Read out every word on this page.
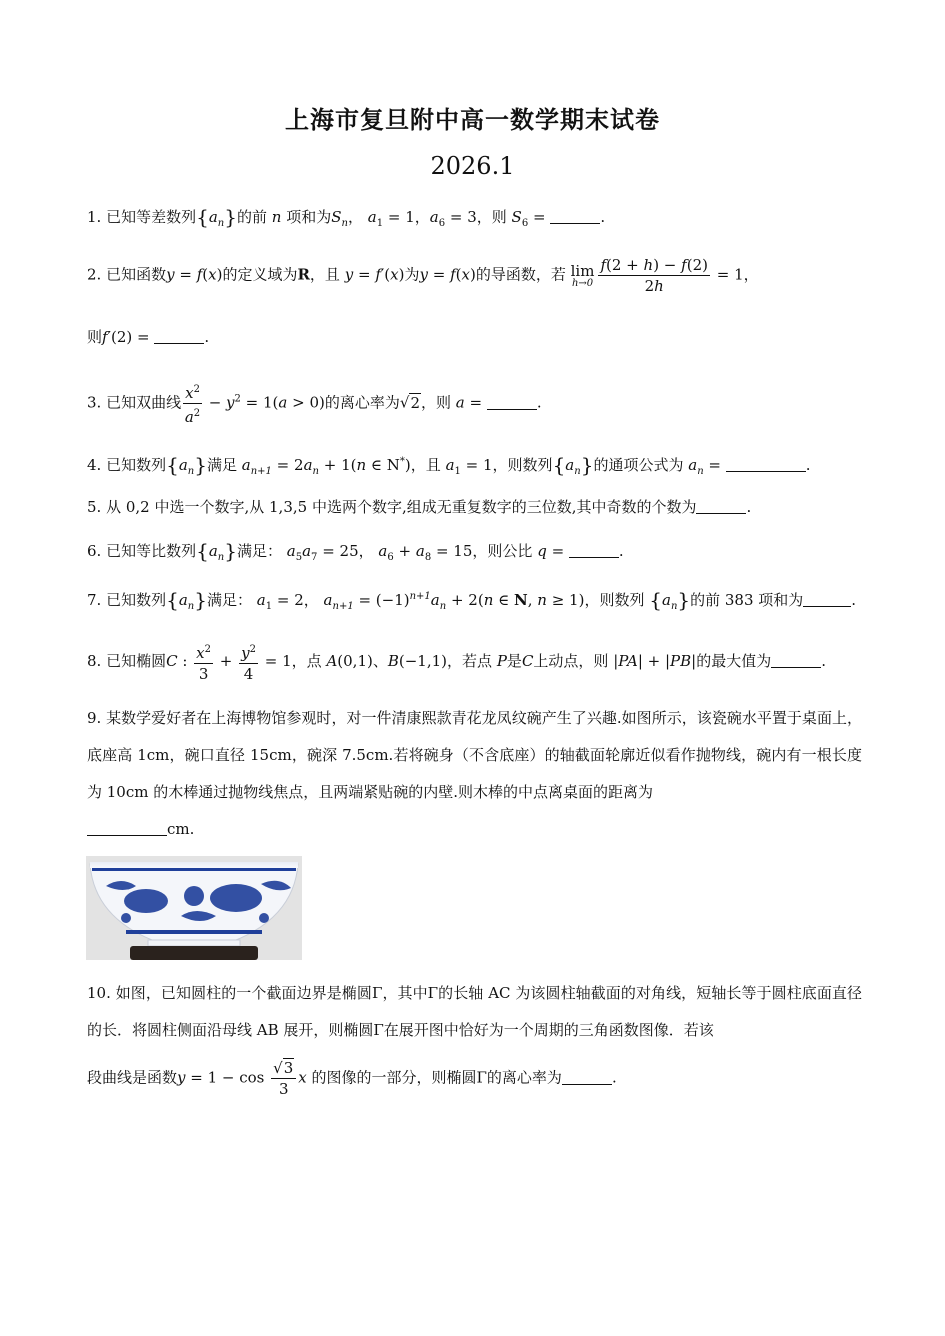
上海市复旦附中高一数学期末试卷
2026.1
1. 已知等差数列$\{a_n\}$的前 n 项和为$S_n$， $a_1 = 1$，$a_6 = 3$，则 $S_6$ =	.
2. 已知函数y = f(x)的定义域为R，且 y = f′(x)为y = f(x)的导函数，若 lim
$h\to 0 \frac{f(2 + h) - f(2)}{2h} = 1$，
则f′(2) =	.
3. 已知双曲线 $\frac{x^2}{a^2} - y^2 = 1(a > 0)$的离心率为√2，则 a =	.
4. 已知数列$\{a_n\}$满足 $a_{n+1} = 2a_n + 1(n$ ∈ N*)，且 $a_1 = 1$，则数列$\{a_n\}$的通项公式为 $a_n$ =	.
5. 从 0,2 中选一个数字,从 1,3,5 中选两个数字,组成无重复数字的三位数,其中奇数的个数为	.
6. 已知等比数列$\{a_n\}$满足： $a_5a_7 = 25$， $a_6 + a_8 = 15$，则公比 q =	.
7. 已知数列$\{a_n\}$满足： $a_1 = 2$， $a_{n+1} = (-1)^{n+1}a_n + 2(n$ ∈ N, n ≥ 1)，则数列 $\{a_n\}$的前 383 项和为	.
8. 已知椭圆C : $\frac{x^2}{3} + \frac{y^2}{4} = 1$，点 A(0,1)、B(−1,1)，若点 P是C上动点，则 |PA| + |PB|的最大值为	.
9. 某数学爱好者在上海博物馆参观时，对一件清康熙款青花龙凤纹碗产生了兴趣.如图所示，该瓷碗水平置于桌面上，底座高 1cm，碗口直径 15cm，碗深 7.5cm.若将碗身（不含底座）的轴截面轮廓近似看作抛物线，碗内有一根长度为 10cm 的木棒通过抛物线焦点，且两端紧贴碗的内壁.则木棒的中点离桌面的距离为
cm.
10. 如图，已知圆柱的一个截面边界是椭圆Γ，其中Γ的长轴 AC 为该圆柱轴截面的对角线，短轴长等于圆柱底面直径的长．将圆柱侧面沿母线 AB 展开，则椭圆Γ在展开图中恰好为一个周期的三角函数图像．若该
段曲线是函数$y = 1 - \cos \frac{√3}{3}$ x 的图像的一部分，则椭圆Γ的离心率为	.
